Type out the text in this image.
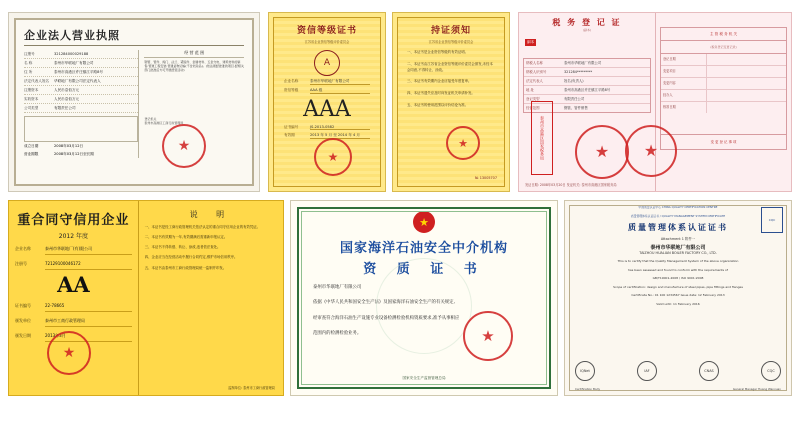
企业法人营业执照
注册号	321284000029188
名 称	泰州市华联地厂有限公司
住 所	泰州市高港区许庄镇江平路8号
法定代表人姓名	华联地厂有限公司法定代表人
注册资本	人民币壹佰万元
实收资本	人民币壹佰万元
公司类型	有限责任公司
成立日期	2008年03月12日
营业期限	2008年03月12日至长期
经 营 范 围
钢管、管件、阀门、法兰、紧固件、金属材料、五金交电、建筑材料的销售;管道工程安装;普通货物运输(不含危险品)。(依法须经批准的项目,经相关部门批准后方可开展经营活动)
登记机关
泰州市高港区工商行政管理局
★
资信等级证书
江苏省企业资信等级评价委员会
A
企业名称	泰州市华联地厂有限公司
资信等级	AAA 级
AAA
证书编号	JS-2013-0582
有效期	2013 年 5 月 至 2014 年 4 月
★
持证须知
江苏省企业资信等级评价委员会
一、本证书是企业资信等级的有效证明。
二、本证书由江苏省企业资信等级评价委员会颁发,未经本会同意,不得转让、涂改。
三、本证书有效期内企业应接受年度复审。
四、本证书遗失应及时向发证机关申请补发。
五、本证书的使用范围以评价结论为准。
★
№ 13005707
税 务 登 记 证
(副本)
纳税人名称	泰州市华联地厂有限公司
纳税人识别号	321284*********
法定代表人	姓名(负责人)
地 址	泰州市高港区许庄镇江平路8号
登记类型	有限责任公司
经营范围	钢管、管件销售
副本
泰州市高港区国家税务局	★ ★
发证日期: 2008年03月20日 发证机关: 泰州市高港区国家税务局
主 管 税 务 机 关
(税务登记变更记录)
登记日期
变更项目
变更内容
经办人
核准日期
变 更 登 记 事 项
重合同守信用企业
2012 年度
企业名称	泰州市华联地厂(有)限公司
注册号	72129100046172
AA
证书编号	22-78665
颁发单位	泰州市工商行政管理局
颁发日期	2013年3月
★
说 明
一、本证书是经工商行政管理机关依法认定的重合同守信用企业的有效凭证。
二、本证书有效期为一年,有效期满后需重新申报认定。
三、本证书不得转借、转让、涂改,违者依法查处。
四、企业应当在经营活动中履行合同约定,维护市场信用秩序。
五、本证书由泰州市工商行政管理局统一监制并印发。
监制单位: 泰州市工商行政管理局
★
国家海洋石油安全中介机构
资 质 证 书
泰州市华联地厂有限公司
依据《中华人民共和国安全生产法》及国家海洋石油安全生产的有关规定,
经审查符合海洋石油生产设施专业设备检测检验机构资质要求,准予从事相应
范围内的检测检验业务。	★
国家安全生产监督管理总局
中国质量认证中心 CHINA QUALITY CERTIFICATION CENTRE
质量管理体系认证证书 / QUALITY MANAGEMENT SYSTEM CERTIFICATE
CQC
质量管理体系认证证书
Attachment 1 附件一
泰州市华联地厂有限公司
TAIZHOU HUALIAN BOILER FACTORY CO., LTD.
This is to certify that the Quality Management System of the above organization
has been assessed and found to conform with the requirements of
GB/T19001-2008 / ISO 9001:2008
Scope of certification: design and manufacture of steel pipes, pipe fittings and flanges
Certificate No.: 01 100 1234567 Issue date: 12 February 2013
Valid until: 11 February 2016
IQNet	IAF	CNAS	CQC
Certification Body	General Manager Huang Wanxuan
